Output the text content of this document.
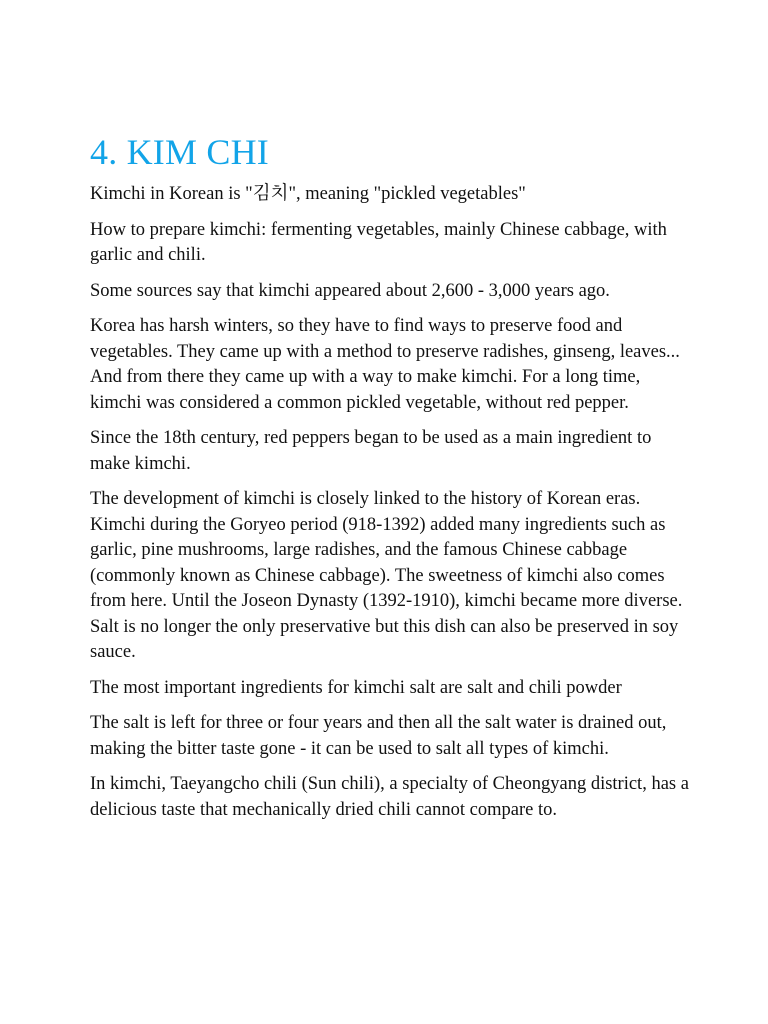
4. KIM CHI

Kimchi in Korean is "김치", meaning "pickled vegetables"

How to prepare kimchi: fermenting vegetables, mainly Chinese cabbage, with garlic and chili.

Some sources say that kimchi appeared about 2,600 - 3,000 years ago.

Korea has harsh winters, so they have to find ways to preserve food and vegetables. They came up with a method to preserve radishes, ginseng, leaves... And from there they came up with a way to make kimchi. For a long time, kimchi was considered a common pickled vegetable, without red pepper.

Since the 18th century, red peppers began to be used as a main ingredient to make kimchi.

The development of kimchi is closely linked to the history of Korean eras. Kimchi during the Goryeo period (918-1392) added many ingredients such as garlic, pine mushrooms, large radishes, and the famous Chinese cabbage (commonly known as Chinese cabbage). The sweetness of kimchi also comes from here. Until the Joseon Dynasty (1392-1910), kimchi became more diverse. Salt is no longer the only preservative but this dish can also be preserved in soy sauce.

The most important ingredients for kimchi salt are salt and chili powder

The salt is left for three or four years and then all the salt water is drained out, making the bitter taste gone - it can be used to salt all types of kimchi.

In kimchi, Taeyangcho chili (Sun chili), a specialty of Cheongyang district, has a delicious taste that mechanically dried chili cannot compare to.
